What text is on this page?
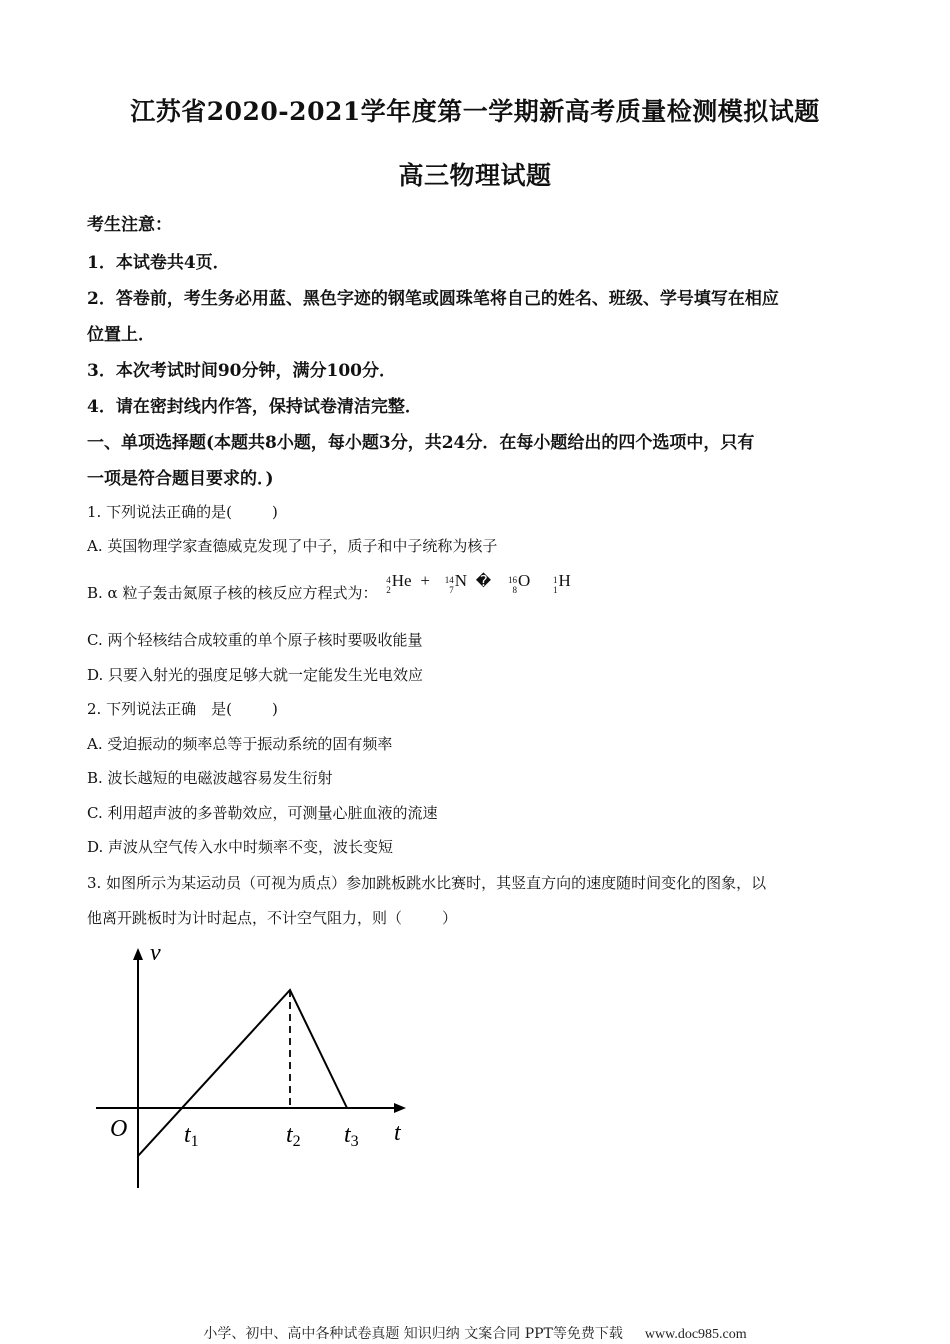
江苏省2020-2021学年度第一学期新高考质量检测模拟试题
高三物理试题
考生注意：
1．本试卷共4页．
2．答卷前，考生务必用蓝、黑色字迹的钢笔或圆珠笔将自己的姓名、班级、学号填写在相应
位置上．
3．本次考试时间90分钟，满分100分．
4．请在密封线内作答，保持试卷清洁完整．
一、单项选择题(本题共8小题，每小题3分，共24分．在每小题给出的四个选项中，只有
一项是符合题目要求的．)
1. 下列说法正确的是(	)
A. 英国物理学家查德威克发现了中子，质子和中子统称为核子
B. α 粒子轰击氮原子核的核反应方程式为：
4
2 He + 14
7 N � 16
8 O	1
1 H
C. 两个轻核结合成较重的单个原子核时要吸收能量
D. 只要入射光的强度足够大就一定能发生光电效应
2. 下列说法正确　是(	)
A. 受迫振动的频率总等于振动系统的固有频率
B. 波长越短的电磁波越容易发生衍射
C. 利用超声波的多普勒效应，可测量心脏血液的流速
D. 声波从空气传入水中时频率不变，波长变短
3. 如图所示为某运动员（可视为质点）参加跳板跳水比赛时，其竖直方向的速度随时间变化的图象，以
他离开跳板时为计时起点，不计空气阻力，则（	）
v
t
O t1	t2 t3
小学、初中、高中各种试卷真题 知识归纳 文案合同 PPT等免费下载 www.doc985.com
